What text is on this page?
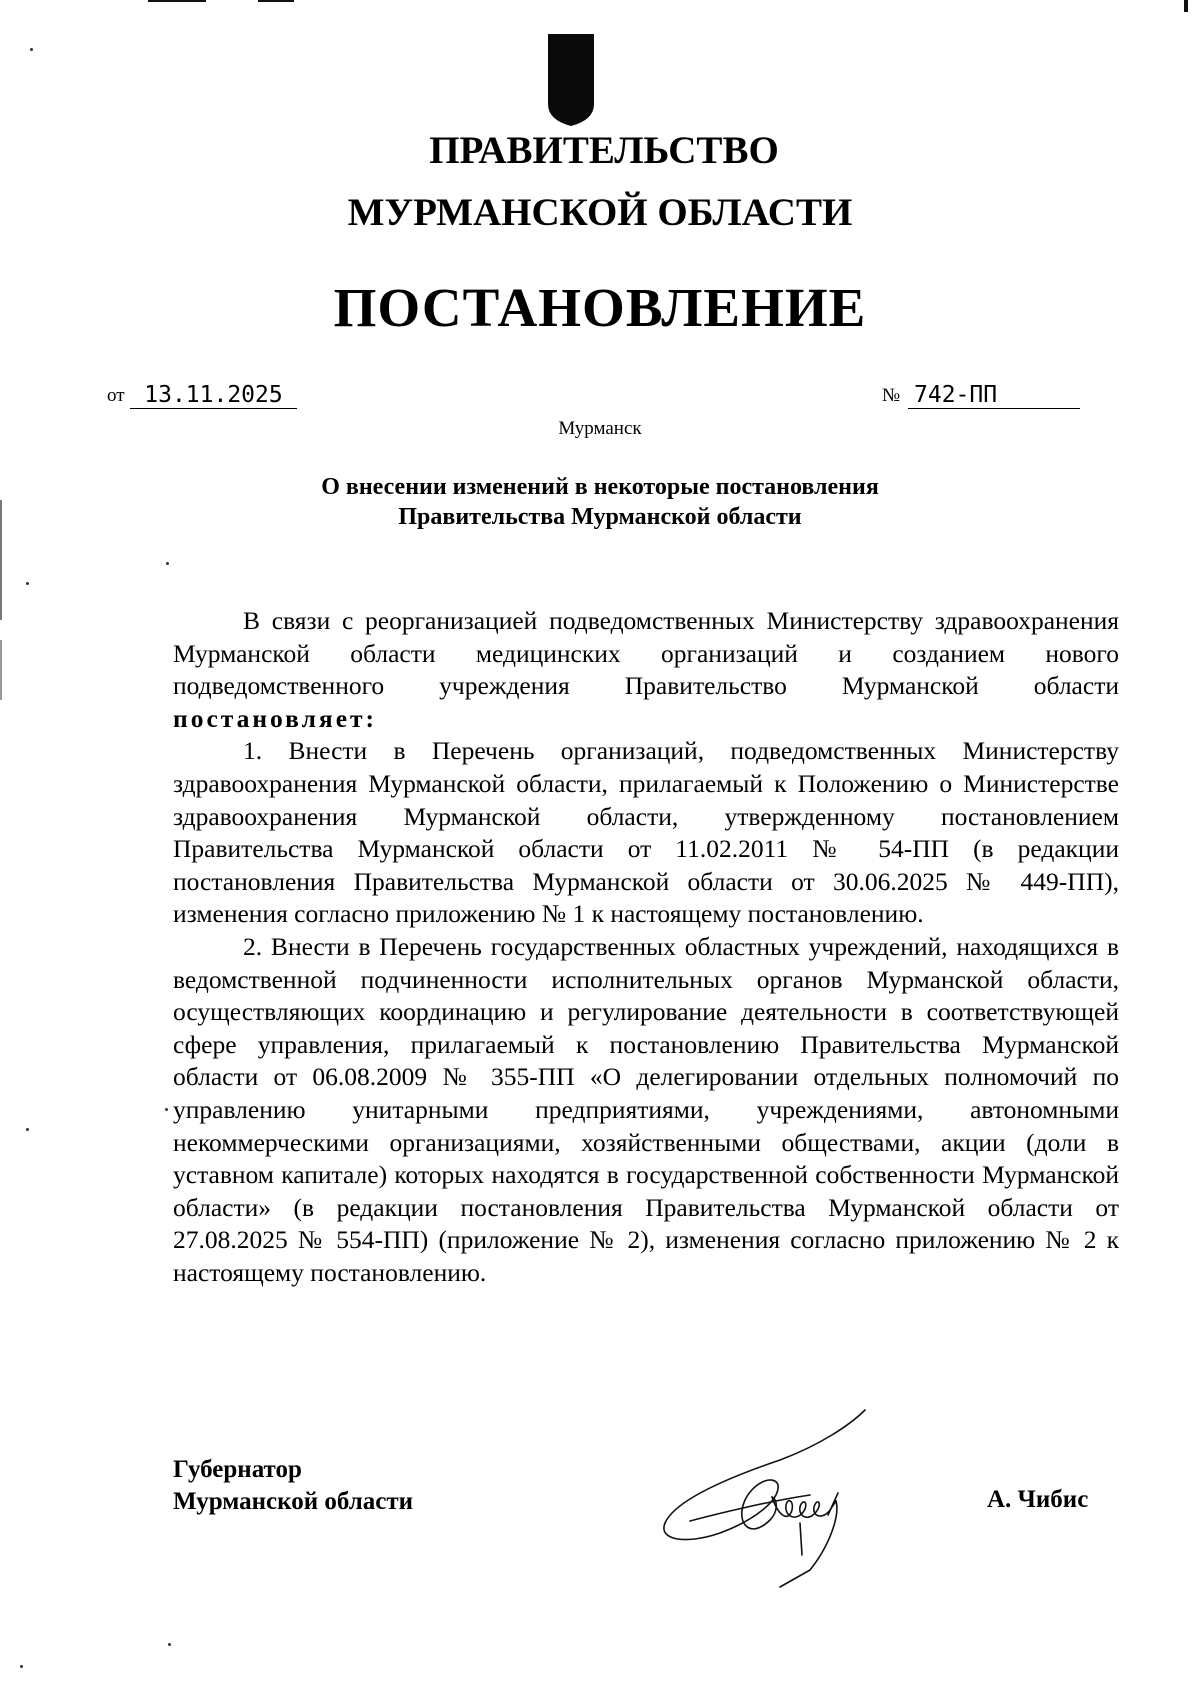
ПРАВИТЕЛЬСТВО
МУРМАНСКОЙ ОБЛАСТИ
ПОСТАНОВЛЕНИЕ
от 13.11.2025	№ 742-ПП
Мурманск
О внесении изменений в некоторые постановления
Правительства Мурманской области

В связи с реорганизацией подведомственных Министерству здравоохранения Мурманской области медицинских организаций и созданием нового подведомственного учреждения Правительство Мурманской области постановляет:

1. Внести в Перечень организаций, подведомственных Министерству здравоохранения Мурманской области, прилагаемый к Положению о Министерстве здравоохранения Мурманской области, утвержденному постановлением Правительства Мурманской области от 11.02.2011 № 54-ПП (в редакции постановления Правительства Мурманской области от 30.06.2025 № 449-ПП), изменения согласно приложению № 1 к настоящему постановлению.

2. Внести в Перечень государственных областных учреждений, находящихся в ведомственной подчиненности исполнительных органов Мурманской области, осуществляющих координацию и регулирование деятельности в соответствующей сфере управления, прилагаемый к постановлению Правительства Мурманской области от 06.08.2009 № 355-ПП «О делегировании отдельных полномочий по управлению унитарными предприятиями, учреждениями, автономными некоммерческими организациями, хозяйственными обществами, акции (доли в уставном капитале) которых находятся в государственной собственности Мурманской области» (в редакции постановления Правительства Мурманской области от 27.08.2025 № 554-ПП) (приложение № 2), изменения согласно приложению № 2 к настоящему постановлению.

Губернатор
Мурманской области	А. Чибис
